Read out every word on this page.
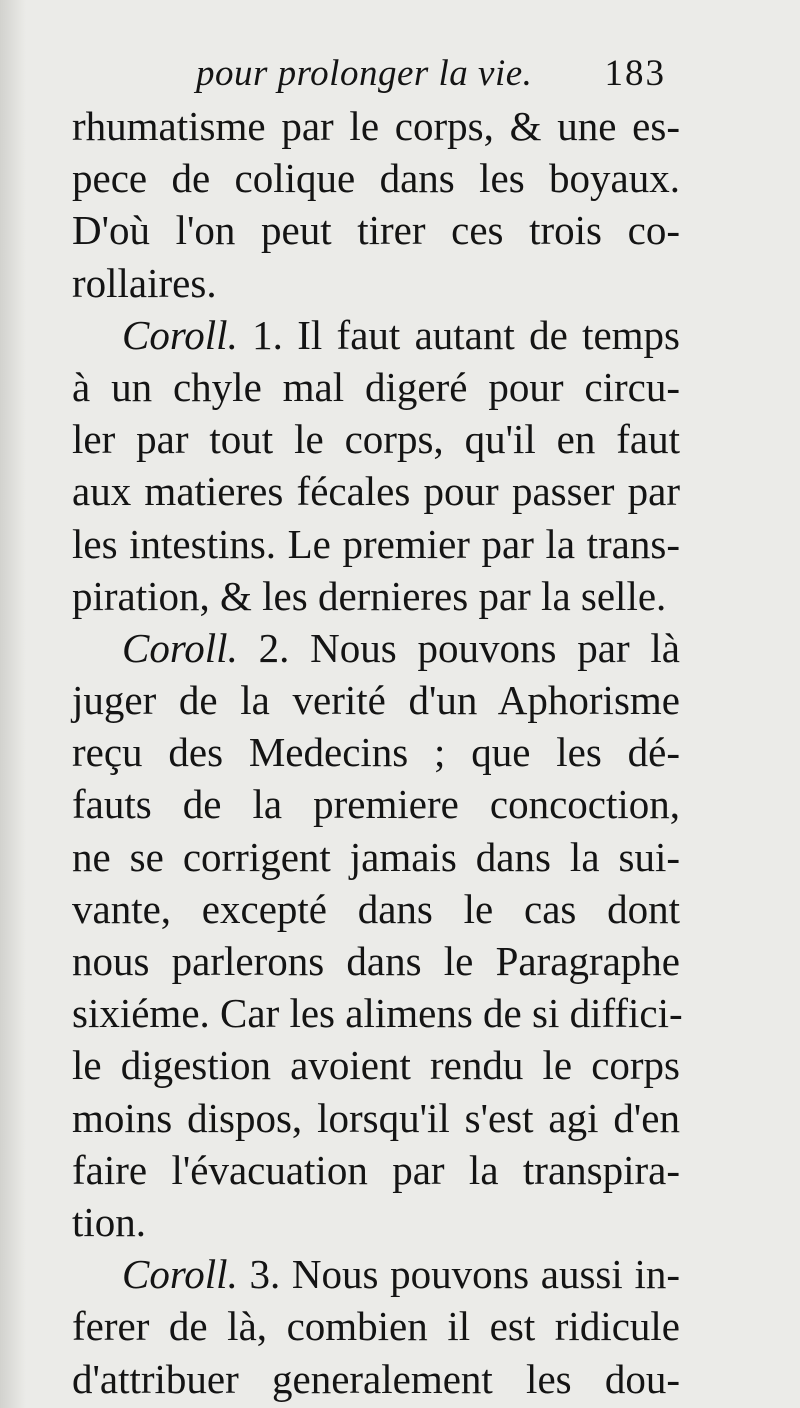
pour prolonger la vie. 183
rhumatisme par le corps, & une es-
pece de colique dans les boyaux.
D'où l'on peut tirer ces trois co-
rollaires.
Coroll. 1. Il faut autant de temps
à un chyle mal digeré pour circu-
ler par tout le corps, qu'il en faut
aux matieres fécales pour passer par
les intestins. Le premier par la trans-
piration, & les dernieres par la selle.
Coroll. 2. Nous pouvons par là
juger de la verité d'un Aphorisme
reçu des Medecins ; que les dé-
fauts de la premiere concoction,
ne se corrigent jamais dans la sui-
vante, excepté dans le cas dont
nous parlerons dans le Paragraphe
sixiéme. Car les alimens de si diffici-
le digestion avoient rendu le corps
moins dispos, lorsqu'il s'est agi d'en
faire l'évacuation par la transpira-
tion.
Coroll. 3. Nous pouvons aussi in-
ferer de là, combien il est ridicule
d'attribuer generalement les dou-
